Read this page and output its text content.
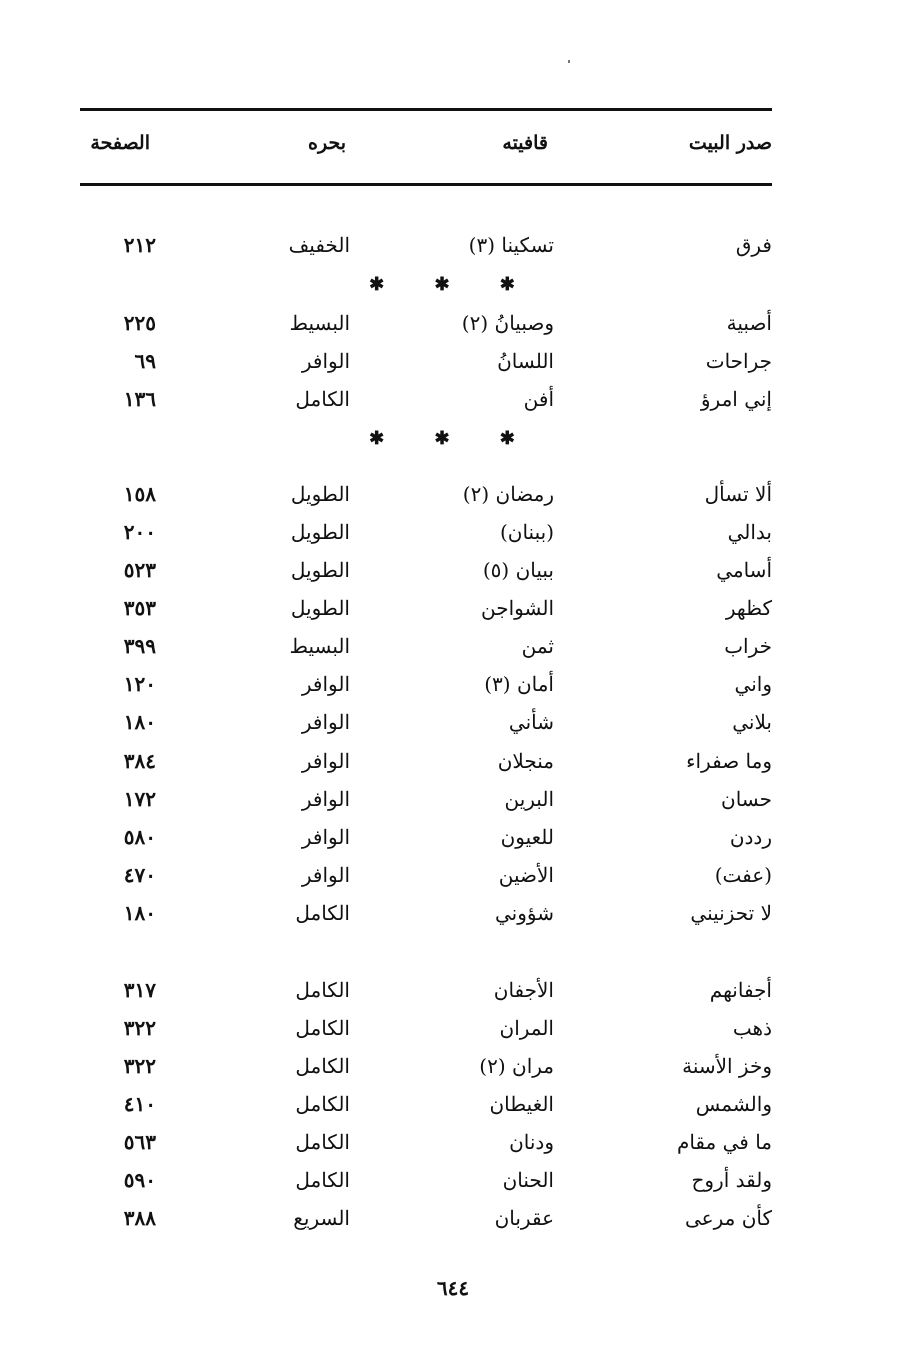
صدر البيت
قافيته
بحره
الصفحة
فرق
تسكينا (٣)
الخفيف
٢١٢
✱ ✱ ✱
أصبية
وصبيانُ (٢)
البسيط
٢٢٥
جراحات
اللسانُ
الوافر
٦٩
إني امرؤ
أفن
الكامل
١٣٦
✱ ✱ ✱
ألا تسأل
رمضان (٢)
الطويل
١٥٨
بدالي
(ببنان)
الطويل
٢٠٠
أسامي
ببيان (٥)
الطويل
٥٢٣
كظهر
الشواجن
الطويل
٣٥٣
خراب
ثمن
البسيط
٣٩٩
واني
أمان (٣)
الوافر
١٢٠
بلاني
شأني
الوافر
١٨٠
وما صفراء
منجلان
الوافر
٣٨٤
حسان
البرين
الوافر
١٧٢
رددن
للعيون
الوافر
٥٨٠
(عفت)
الأضين
الوافر
٤٧٠
لا تحزنيني
شؤوني
الكامل
١٨٠
أجفانهم
الأجفان
الكامل
٣١٧
ذهب
المران
الكامل
٣٢٢
وخز الأسنة
مران (٢)
الكامل
٣٢٢
والشمس
الغيطان
الكامل
٤١٠
ما في مقام
ودنان
الكامل
٥٦٣
ولقد أروح
الحنان
الكامل
٥٩٠
كأن مرعى
عقربان
السريع
٣٨٨
٦٤٤
